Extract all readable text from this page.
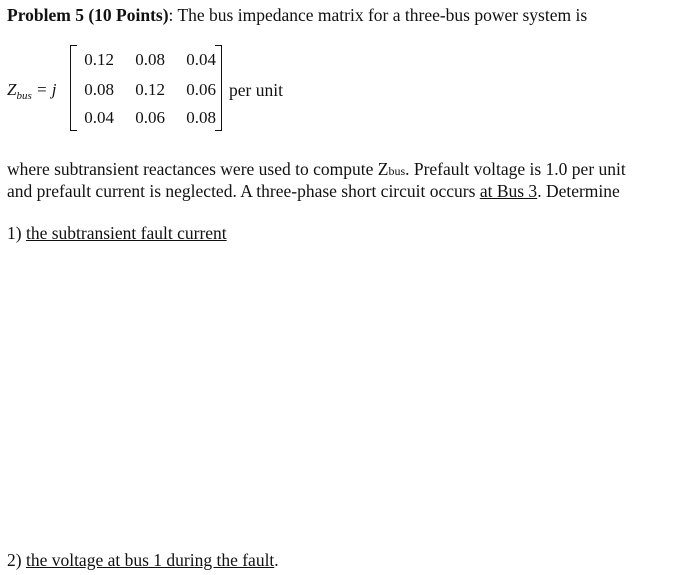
Problem 5 (10 Points): The bus impedance matrix for a three-bus power system is
$Z_{bus} = j$
0.12	0.08	0.04
0.08	0.12	0.06
0.04	0.06	0.08
per unit
where subtransient reactances were used to compute Zbus. Prefault voltage is 1.0 per unit
and prefault current is neglected. A three-phase short circuit occurs at Bus 3. Determine
1) the subtransient fault current
2) the voltage at bus 1 during the fault.
